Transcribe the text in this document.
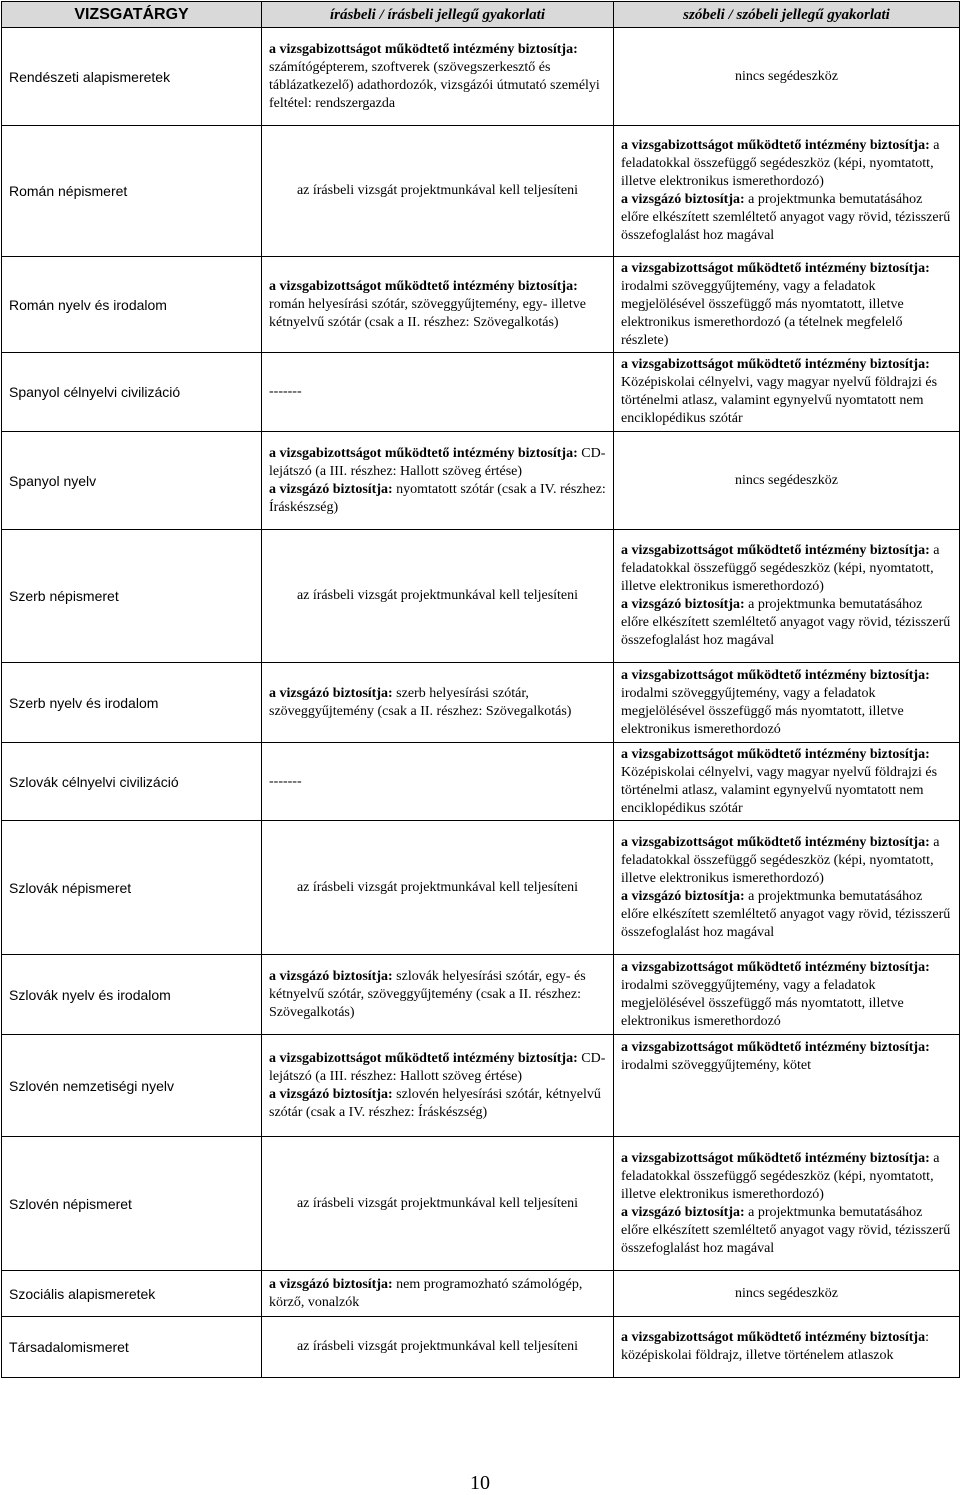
VIZSGATÁRGY	írásbeli / írásbeli jellegű gyakorlati	szóbeli / szóbeli jellegű gyakorlati
Rendészeti alapismeretek	a vizsgabizottságot működtető intézmény biztosítja: számítógépterem, szoftverek (szövegszerkesztő és táblázatkezelő) adathordozók, vizsgázói útmutató személyi feltétel: rendszergazda	nincs segédeszköz
Román népismeret	az írásbeli vizsgát projektmunkával kell teljesíteni	a vizsgabizottságot működtető intézmény biztosítja: a feladatokkal összefüggő segédeszköz (képi, nyomtatott, illetve elektronikus ismerethordozó)
a vizsgázó biztosítja: a projektmunka bemutatásához előre elkészített szemléltető anyagot vagy rövid, tézisszerű összefoglalást hoz magával

Román nyelv és irodalom	a vizsgabizottságot működtető intézmény biztosítja: román helyesírási szótár, szöveggyűjtemény, egy- illetve kétnyelvű szótár (csak a II. részhez: Szövegalkotás)	a vizsgabizottságot működtető intézmény biztosítja: irodalmi szöveggyűjtemény, vagy a feladatok megjelölésével összefüggő más nyomtatott, illetve elektronikus ismerethordozó (a tételnek megfelelő részlete)

Spanyol célnyelvi civilizáció	-------	a vizsgabizottságot működtető intézmény biztosítja: Középiskolai célnyelvi, vagy magyar nyelvű földrajzi és történelmi atlasz, valamint egynyelvű nyomtatott nem enciklopédikus szótár

Spanyol nyelv	a vizsgabizottságot működtető intézmény biztosítja: CD-lejátszó (a III. részhez: Hallott szöveg értése)
a vizsgázó biztosítja: nyomtatott szótár (csak a IV. részhez: Íráskészség)	nincs segédeszköz
Szerb népismeret	az írásbeli vizsgát projektmunkával kell teljesíteni	a vizsgabizottságot működtető intézmény biztosítja: a feladatokkal összefüggő segédeszköz (képi, nyomtatott, illetve elektronikus ismerethordozó)
a vizsgázó biztosítja: a projektmunka bemutatásához előre elkészített szemléltető anyagot vagy rövid, tézisszerű összefoglalást hoz magával

Szerb nyelv és irodalom	a vizsgázó biztosítja: szerb helyesírási szótár, szöveggyűjtemény (csak a II. részhez: Szövegalkotás)	a vizsgabizottságot működtető intézmény biztosítja: irodalmi szöveggyűjtemény, vagy a feladatok megjelölésével összefüggő más nyomtatott, illetve elektronikus ismerethordozó

Szlovák célnyelvi civilizáció	-------	a vizsgabizottságot működtető intézmény biztosítja: Középiskolai célnyelvi, vagy magyar nyelvű földrajzi és történelmi atlasz, valamint egynyelvű nyomtatott nem enciklopédikus szótár

Szlovák népismeret	az írásbeli vizsgát projektmunkával kell teljesíteni	a vizsgabizottságot működtető intézmény biztosítja: a feladatokkal összefüggő segédeszköz (képi, nyomtatott, illetve elektronikus ismerethordozó)
a vizsgázó biztosítja: a projektmunka bemutatásához előre elkészített szemléltető anyagot vagy rövid, tézisszerű összefoglalást hoz magával

Szlovák nyelv és irodalom	a vizsgázó biztosítja: szlovák helyesírási szótár, egy- és kétnyelvű szótár, szöveggyűjtemény (csak a II. részhez: Szövegalkotás)	a vizsgabizottságot működtető intézmény biztosítja: irodalmi szöveggyűjtemény, vagy a feladatok megjelölésével összefüggő más nyomtatott, illetve elektronikus ismerethordozó

Szlovén nemzetiségi nyelv	a vizsgabizottságot működtető intézmény biztosítja: CD-lejátszó (a III. részhez: Hallott szöveg értése)
a vizsgázó biztosítja: szlovén helyesírási szótár, kétnyelvű szótár (csak a IV. részhez: Íráskészség)	a vizsgabizottságot működtető intézmény biztosítja: irodalmi szöveggyűjtemény, kötet

Szlovén népismeret	az írásbeli vizsgát projektmunkával kell teljesíteni	a vizsgabizottságot működtető intézmény biztosítja: a feladatokkal összefüggő segédeszköz (képi, nyomtatott, illetve elektronikus ismerethordozó)
a vizsgázó biztosítja: a projektmunka bemutatásához előre elkészített szemléltető anyagot vagy rövid, tézisszerű összefoglalást hoz magával

Szociális alapismeretek	a vizsgázó biztosítja: nem programozható számológép, körző, vonalzók	nincs segédeszköz
Társadalomismeret	az írásbeli vizsgát projektmunkával kell teljesíteni	a vizsgabizottságot működtető intézmény biztosítja: középiskolai földrajz, illetve történelem atlaszok
10
